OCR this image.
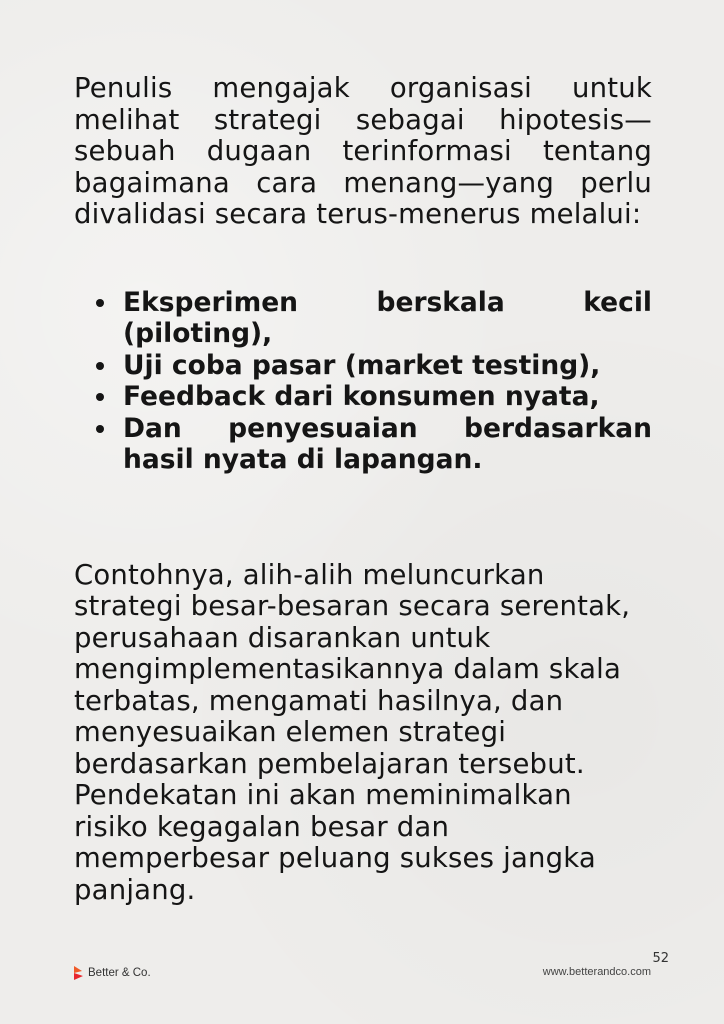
Penulis mengajak organisasi untuk melihat strategi sebagai hipotesis—sebuah dugaan terinformasi tentang bagaimana cara menang—yang perlu divalidasi secara terus-menerus melalui:

Eksperimen berskala kecil (piloting),
Uji coba pasar (market testing),
Feedback dari konsumen nyata,
Dan penyesuaian berdasarkan hasil nyata di lapangan.

Contohnya, alih-alih meluncurkan strategi besar-besaran secara serentak, perusahaan disarankan untuk mengimplementasikannya dalam skala terbatas, mengamati hasilnya, dan menyesuaikan elemen strategi berdasarkan pembelajaran tersebut. Pendekatan ini akan meminimalkan risiko kegagalan besar dan memperbesar peluang sukses jangka panjang.

52
Better & Co.	www.betterandco.com
